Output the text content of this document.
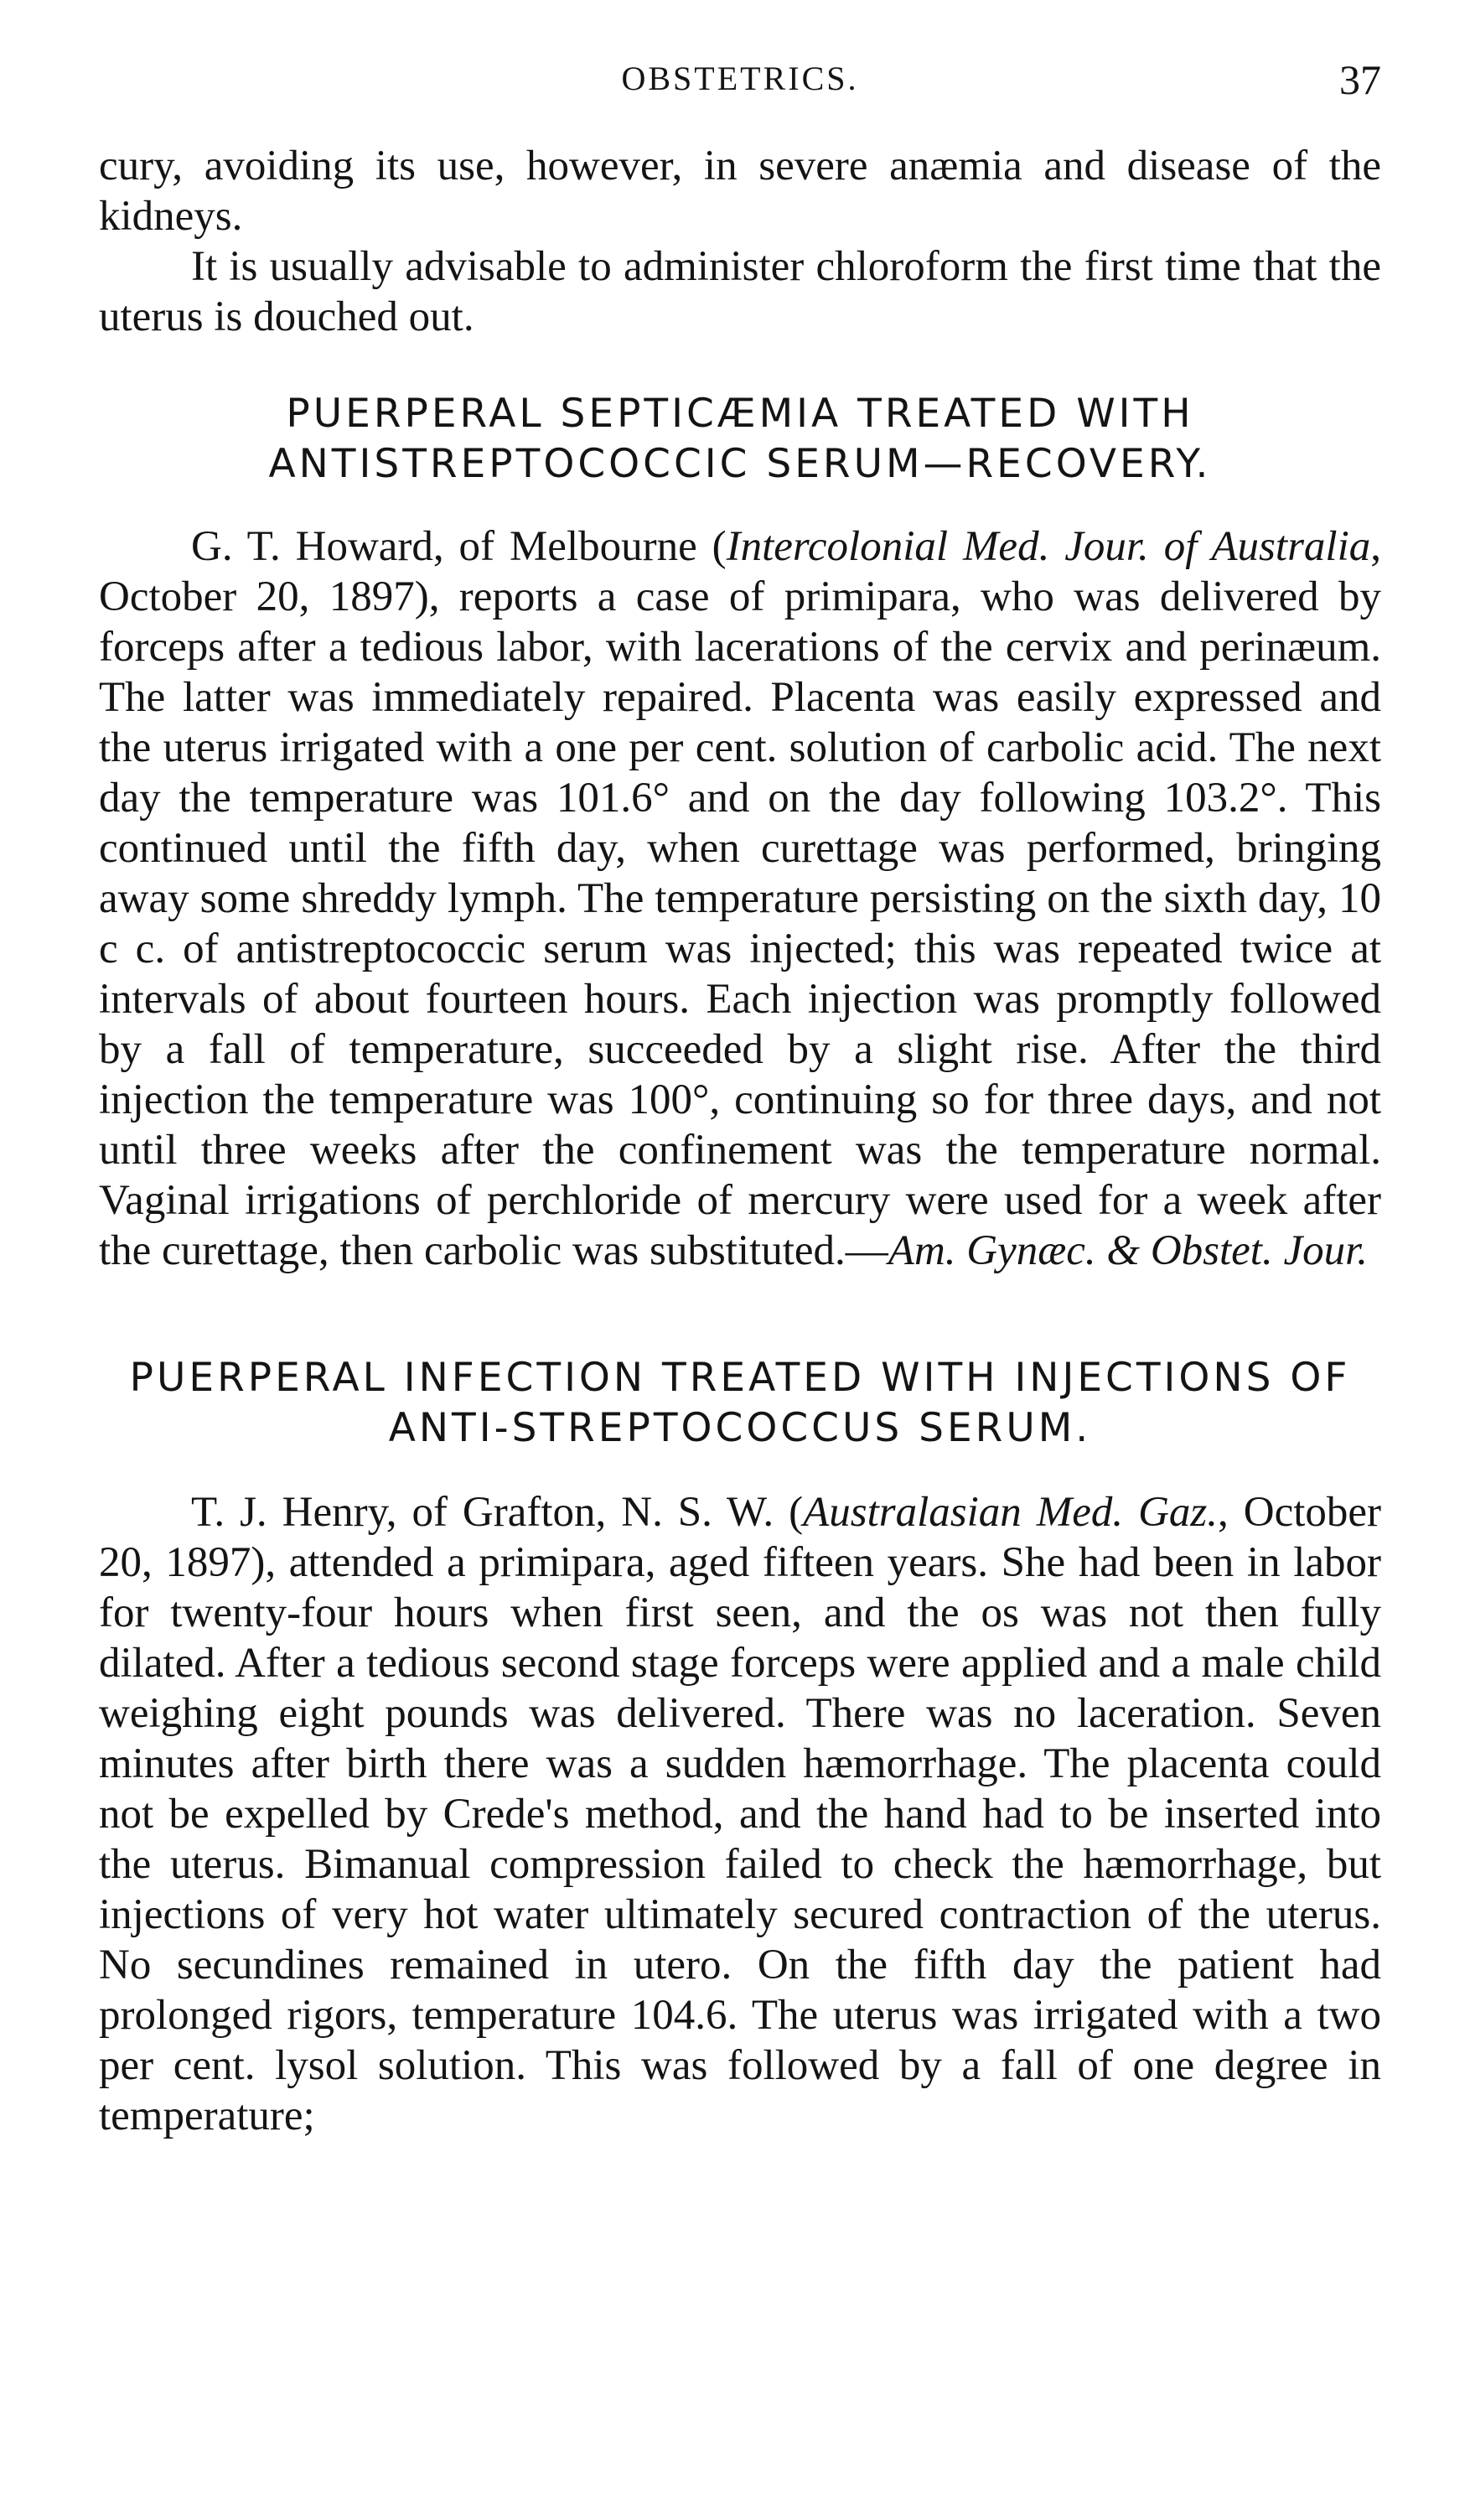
OBSTETRICS.	37

cury, avoiding its use, however, in severe anæmia and disease of the kidneys.

It is usually advisable to administer chloroform the first time that the uterus is douched out.

PUERPERAL SEPTICÆMIA TREATED WITH ANTISTREPTOCOCCIC SERUM—RECOVERY.

G. T. Howard, of Melbourne (Intercolonial Med. Jour. of Australia, October 20, 1897), reports a case of primipara, who was delivered by forceps after a tedious labor, with lacerations of the cervix and perinæum. The latter was immediately repaired. Placenta was easily expressed and the uterus irrigated with a one per cent. solution of carbolic acid. The next day the temperature was 101.6° and on the day following 103.2°. This continued until the fifth day, when curettage was performed, bringing away some shreddy lymph. The temperature persisting on the sixth day, 10 c c. of antistreptococcic serum was injected; this was repeated twice at intervals of about fourteen hours. Each injection was promptly followed by a fall of temperature, succeeded by a slight rise. After the third injection the temperature was 100°, continuing so for three days, and not until three weeks after the confinement was the temperature normal. Vaginal irrigations of perchloride of mercury were used for a week after the curettage, then carbolic was substituted.—Am. Gynæc. & Obstet. Jour.

PUERPERAL INFECTION TREATED WITH INJECTIONS OF ANTI-STREPTOCOCCUS SERUM.

T. J. Henry, of Grafton, N. S. W. (Australasian Med. Gaz., October 20, 1897), attended a primipara, aged fifteen years. She had been in labor for twenty-four hours when first seen, and the os was not then fully dilated. After a tedious second stage forceps were applied and a male child weighing eight pounds was delivered. There was no laceration. Seven minutes after birth there was a sudden hæmorrhage. The placenta could not be expelled by Crede's method, and the hand had to be inserted into the uterus. Bimanual compression failed to check the hæmorrhage, but injections of very hot water ultimately secured contraction of the uterus. No secundines remained in utero. On the fifth day the patient had prolonged rigors, temperature 104.6. The uterus was irrigated with a two per cent. lysol solution. This was followed by a fall of one degree in temperature;
